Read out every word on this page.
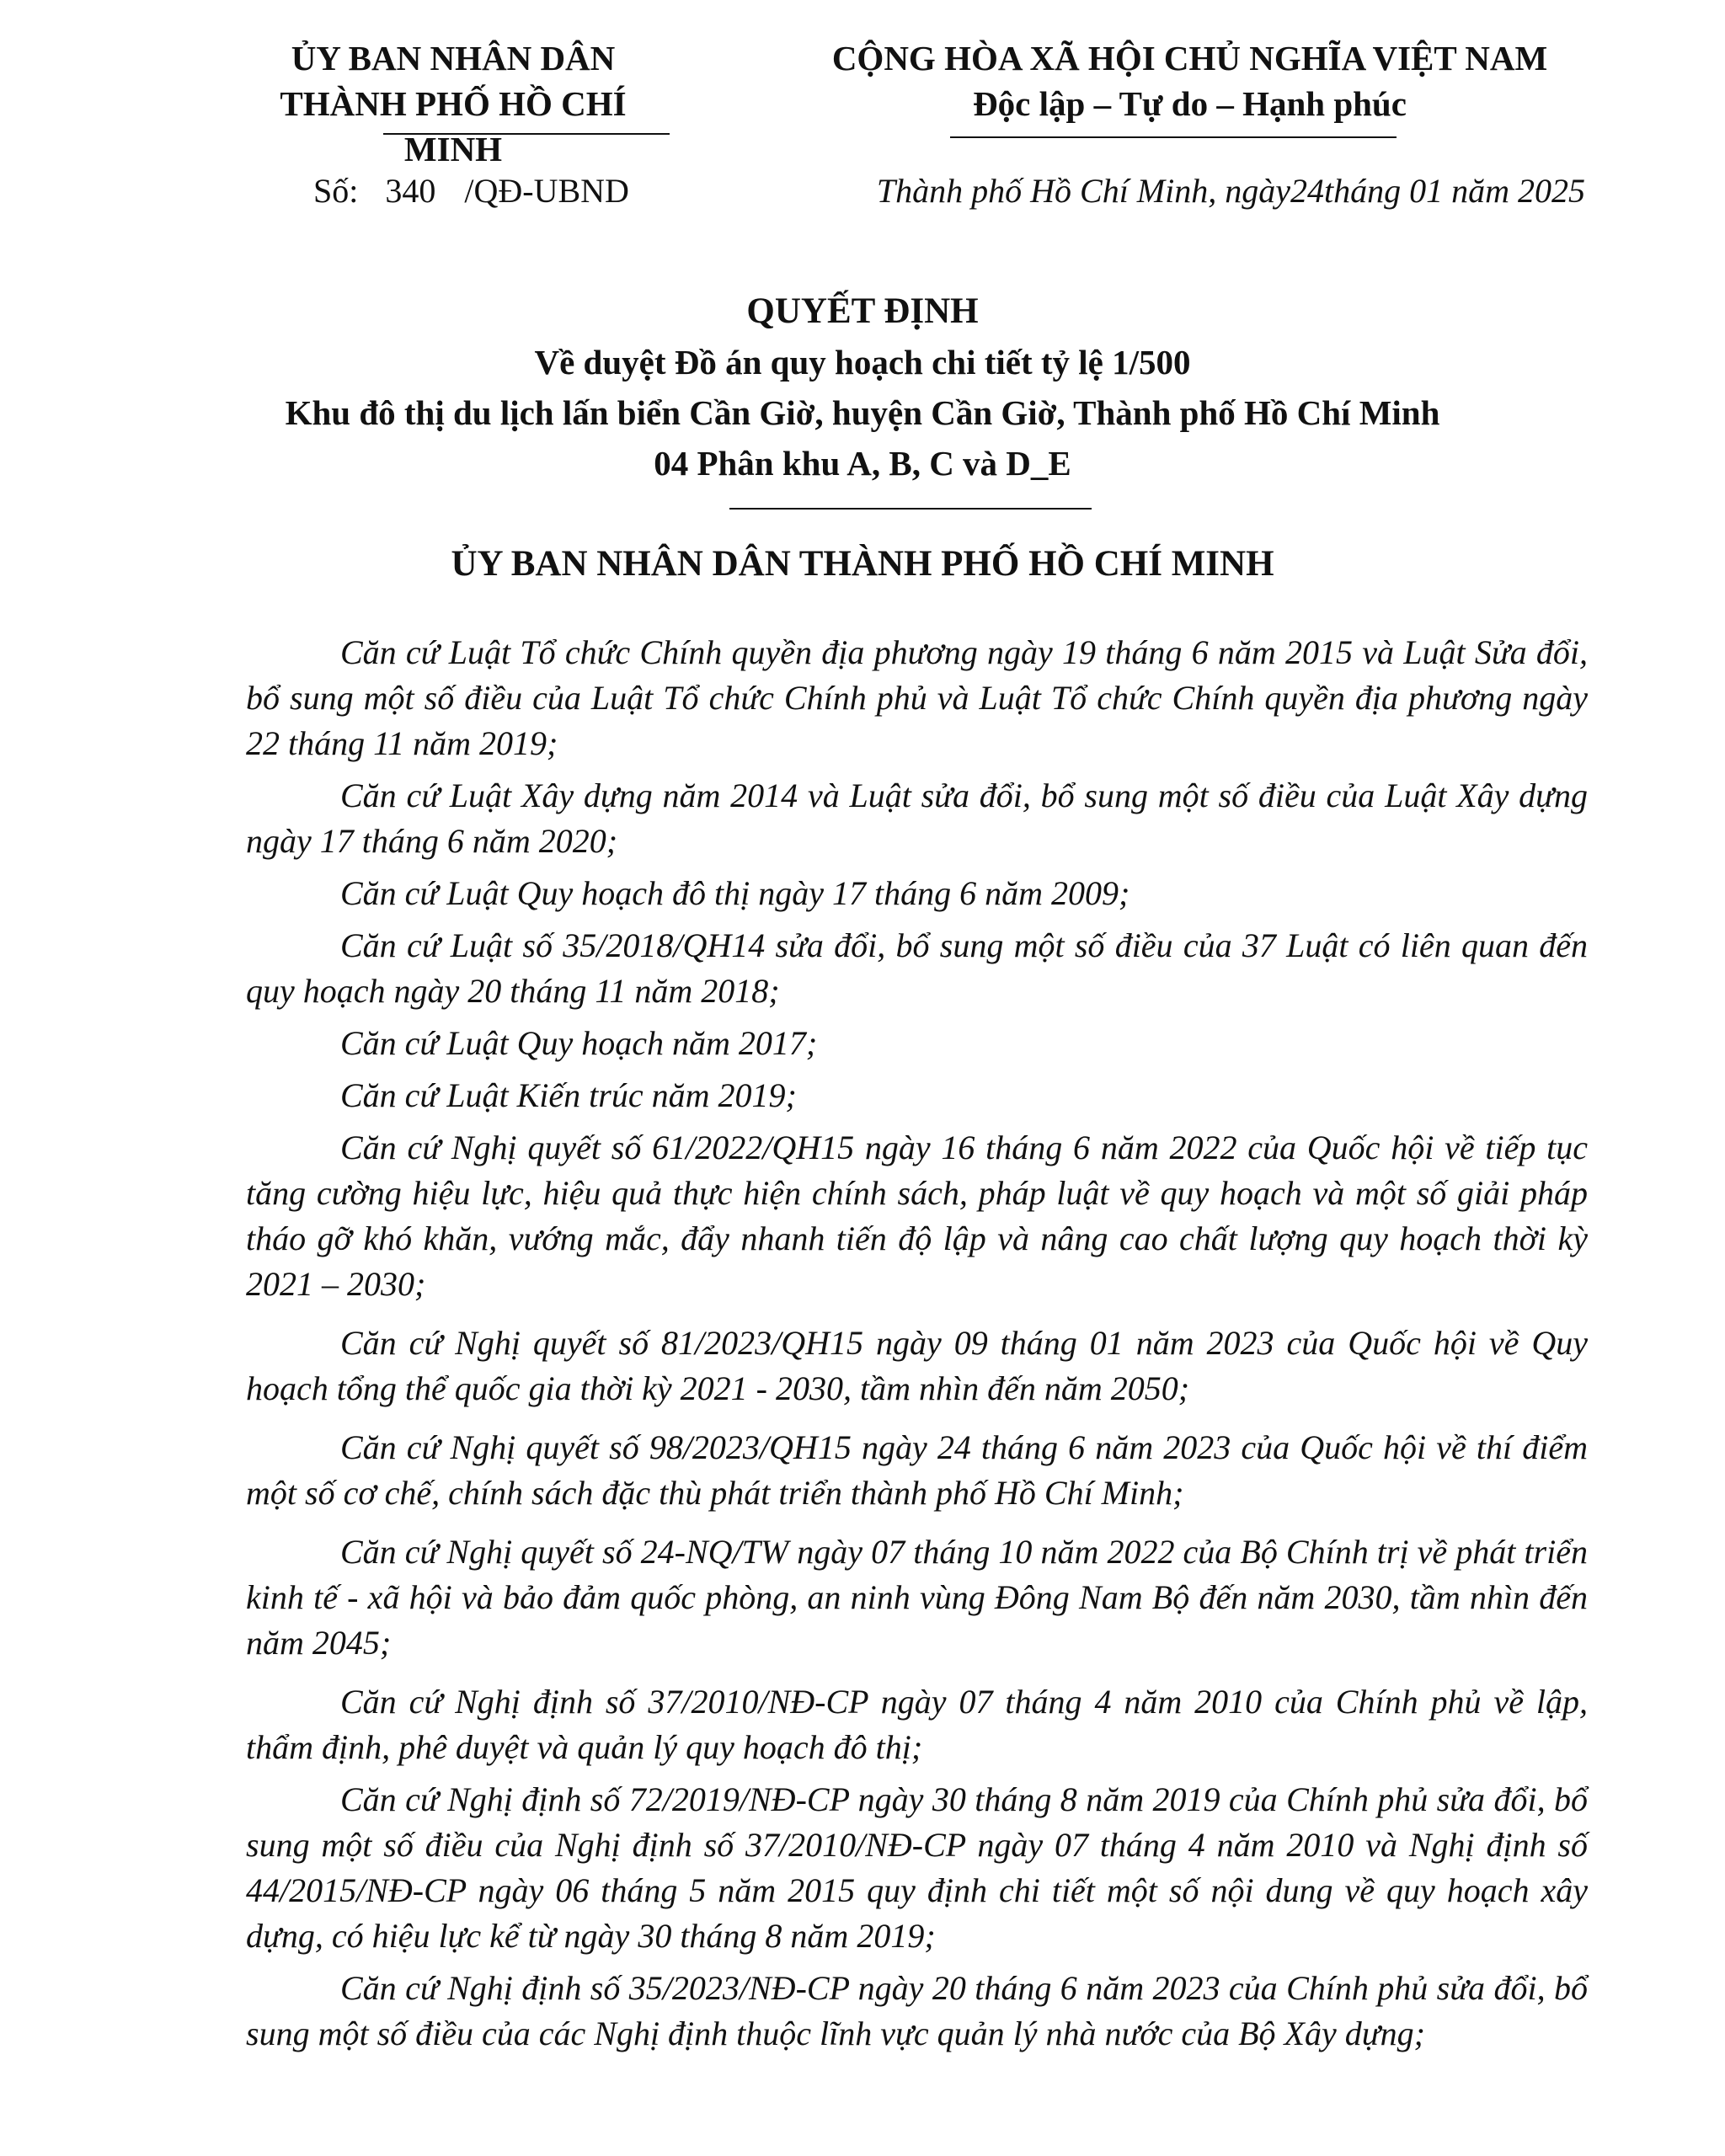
ỦY BAN NHÂN DÂN
THÀNH PHỐ HỒ CHÍ MINH
CỘNG HÒA XÃ HỘI CHỦ NGHĨA VIỆT NAM
Độc lập – Tự do – Hạnh phúc
Số: 340 /QĐ-UBND	Thành phố Hồ Chí Minh, ngày24tháng 01 năm 2025
QUYẾT ĐỊNH
Về duyệt Đồ án quy hoạch chi tiết tỷ lệ 1/500
Khu đô thị du lịch lấn biển Cần Giờ, huyện Cần Giờ, Thành phố Hồ Chí Minh
04 Phân khu A, B, C và D_E
ỦY BAN NHÂN DÂN THÀNH PHỐ HỒ CHÍ MINH

Căn cứ Luật Tổ chức Chính quyền địa phương ngày 19 tháng 6 năm 2015 và Luật Sửa đổi, bổ sung một số điều của Luật Tổ chức Chính phủ và Luật Tổ chức Chính quyền địa phương ngày 22 tháng 11 năm 2019;

Căn cứ Luật Xây dựng năm 2014 và Luật sửa đổi, bổ sung một số điều của Luật Xây dựng ngày 17 tháng 6 năm 2020;

Căn cứ Luật Quy hoạch đô thị ngày 17 tháng 6 năm 2009;

Căn cứ Luật số 35/2018/QH14 sửa đổi, bổ sung một số điều của 37 Luật có liên quan đến quy hoạch ngày 20 tháng 11 năm 2018;

Căn cứ Luật Quy hoạch năm 2017;

Căn cứ Luật Kiến trúc năm 2019;

Căn cứ Nghị quyết số 61/2022/QH15 ngày 16 tháng 6 năm 2022 của Quốc hội về tiếp tục tăng cường hiệu lực, hiệu quả thực hiện chính sách, pháp luật về quy hoạch và một số giải pháp tháo gỡ khó khăn, vướng mắc, đẩy nhanh tiến độ lập và nâng cao chất lượng quy hoạch thời kỳ 2021 – 2030;

Căn cứ Nghị quyết số 81/2023/QH15 ngày 09 tháng 01 năm 2023 của Quốc hội về Quy hoạch tổng thể quốc gia thời kỳ 2021 - 2030, tầm nhìn đến năm 2050;

Căn cứ Nghị quyết số 98/2023/QH15 ngày 24 tháng 6 năm 2023 của Quốc hội về thí điểm một số cơ chế, chính sách đặc thù phát triển thành phố Hồ Chí Minh;

Căn cứ Nghị quyết số 24-NQ/TW ngày 07 tháng 10 năm 2022 của Bộ Chính trị về phát triển kinh tế - xã hội và bảo đảm quốc phòng, an ninh vùng Đông Nam Bộ đến năm 2030, tầm nhìn đến năm 2045;

Căn cứ Nghị định số 37/2010/NĐ-CP ngày 07 tháng 4 năm 2010 của Chính phủ về lập, thẩm định, phê duyệt và quản lý quy hoạch đô thị;

Căn cứ Nghị định số 72/2019/NĐ-CP ngày 30 tháng 8 năm 2019 của Chính phủ sửa đổi, bổ sung một số điều của Nghị định số 37/2010/NĐ-CP ngày 07 tháng 4 năm 2010 và Nghị định số 44/2015/NĐ-CP ngày 06 tháng 5 năm 2015 quy định chi tiết một số nội dung về quy hoạch xây dựng, có hiệu lực kể từ ngày 30 tháng 8 năm 2019;

Căn cứ Nghị định số 35/2023/NĐ-CP ngày 20 tháng 6 năm 2023 của Chính phủ sửa đổi, bổ sung một số điều của các Nghị định thuộc lĩnh vực quản lý nhà nước của Bộ Xây dựng;
